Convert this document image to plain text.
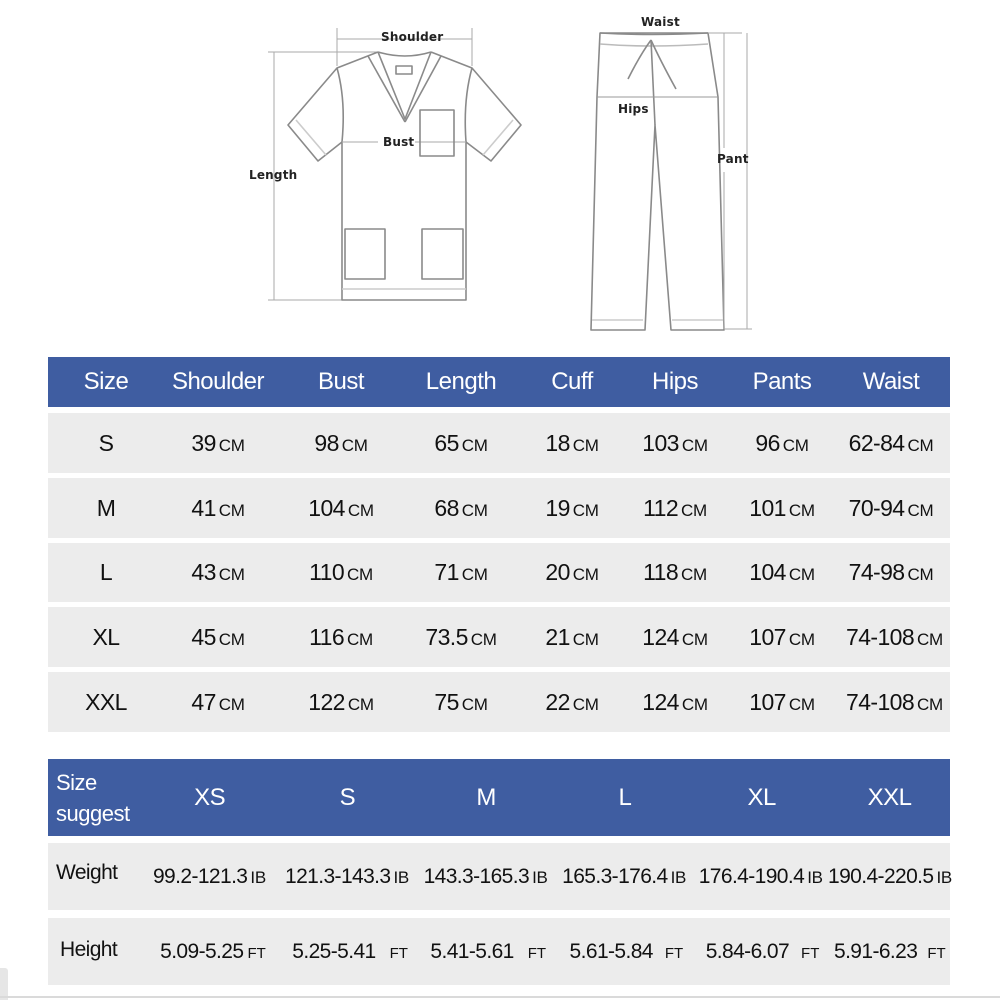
Shoulder
Bust
Length
Waist
Hips
Pant
Size	Shoulder	Bust	Length	Cuff	Hips	Pants	Waist
S	39 CM	98 CM	65 CM	18 CM	103 CM	96 CM	62-84 CM
M	41 CM	104 CM	68 CM	19 CM	112 CM	101 CM	70-94 CM
L	43 CM	110 CM	71 CM	20 CM	118 CM	104 CM	74-98 CM
XL	45 CM	116 CM	73.5 CM	21 CM	124 CM	107 CM	74-108 CM
XXL	47 CM	122 CM	75 CM	22 CM	124 CM	107 CM	74-108 CM
Size
suggest
XS	S	M	L	XL	XXL
Weight	99.2-121.3 IB 121.3-143.3 IB 143.3-165.3 IB 165.3-176.4 IB 176.4-190.4 IB 190.4-220.5 IB
Height	5.09-5.25 FT	5.25-5.41 FT	5.41-5.61 FT	5.61-5.84 FT	5.84-6.07 FT 5.91-6.23 FT
